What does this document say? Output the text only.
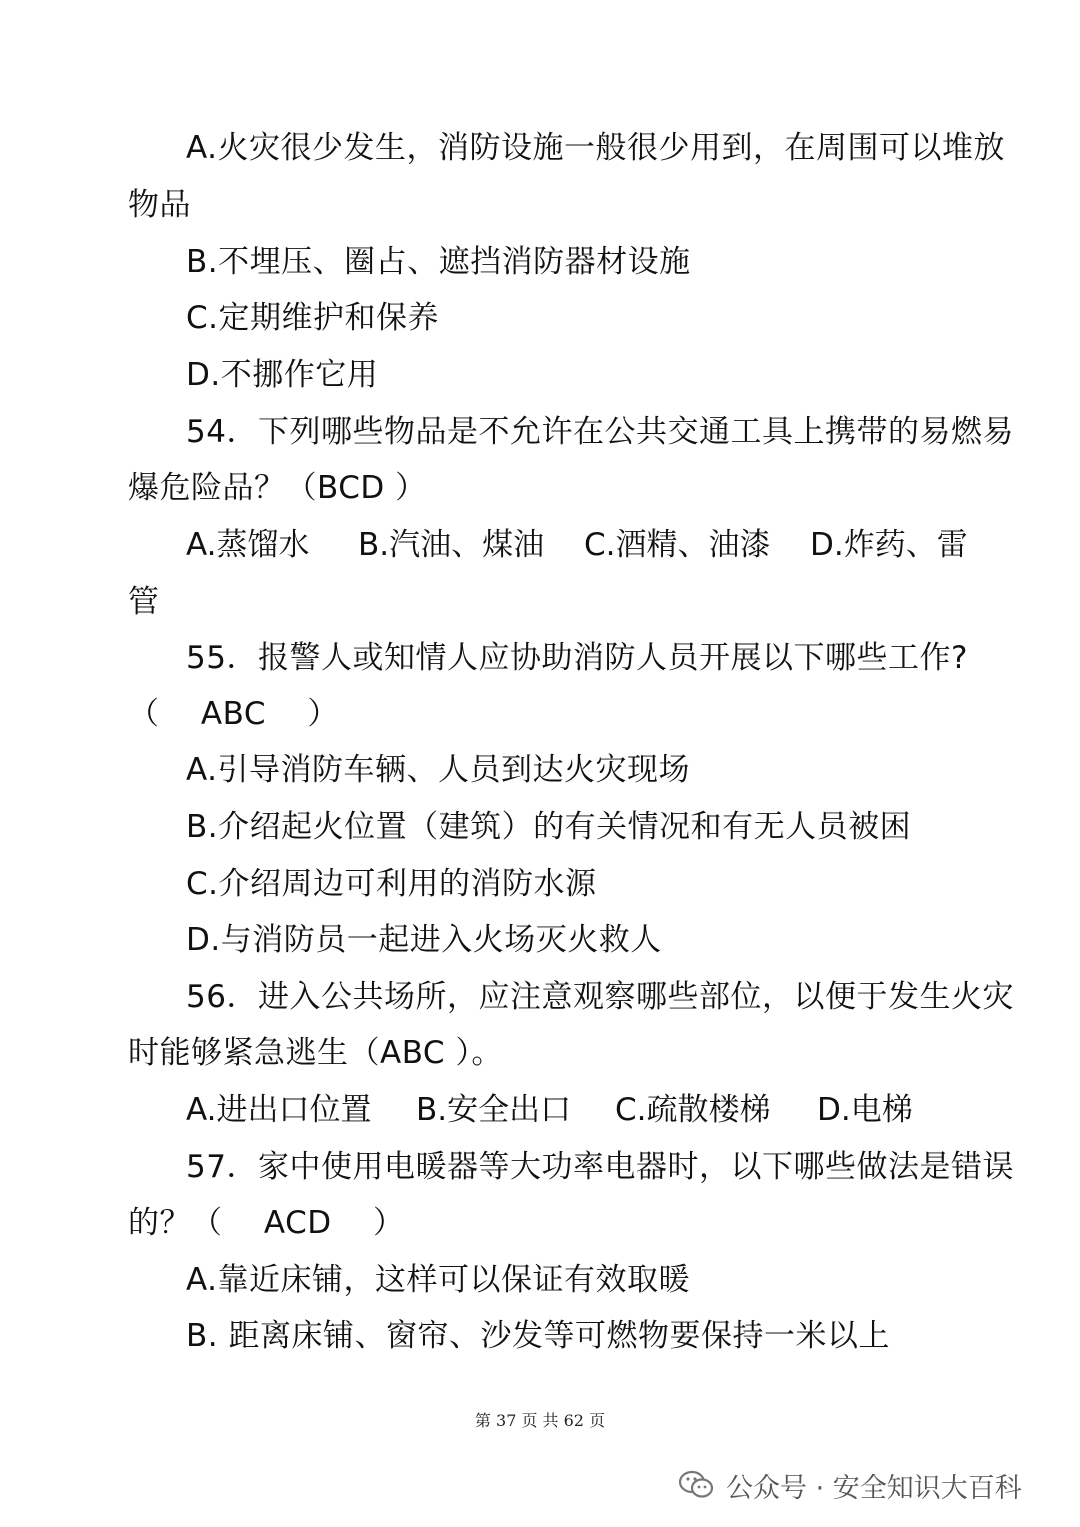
A.火灾很少发生，消防设施一般很少用到，在周围可以堆放
物品
B.不埋压、圈占、遮挡消防器材设施
C.定期维护和保养
D.不挪作它用
54．下列哪些物品是不允许在公共交通工具上携带的易燃易
爆危险品？（BCD ）
A.蒸馏水 B.汽油、煤油 C.酒精、油漆 D.炸药、雷
管
55．报警人或知情人应协助消防人员开展以下哪些工作?
（    ABC    ）
A.引导消防车辆、人员到达火灾现场
B.介绍起火位置（建筑）的有关情况和有无人员被困
C.介绍周边可利用的消防水源
D.与消防员一起进入火场灭火救人
56．进入公共场所，应注意观察哪些部位，以便于发生火灾
时能够紧急逃生（ABC ）。
A.进出口位置 B.安全出口 C.疏散楼梯 D.电梯
57．家中使用电暖器等大功率电器时，以下哪些做法是错误
的？（    ACD    ）
A.靠近床铺，这样可以保证有效取暖
B. 距离床铺、窗帘、沙发等可燃物要保持一米以上
第 37 页 共 62 页
公众号 · 安全知识大百科
